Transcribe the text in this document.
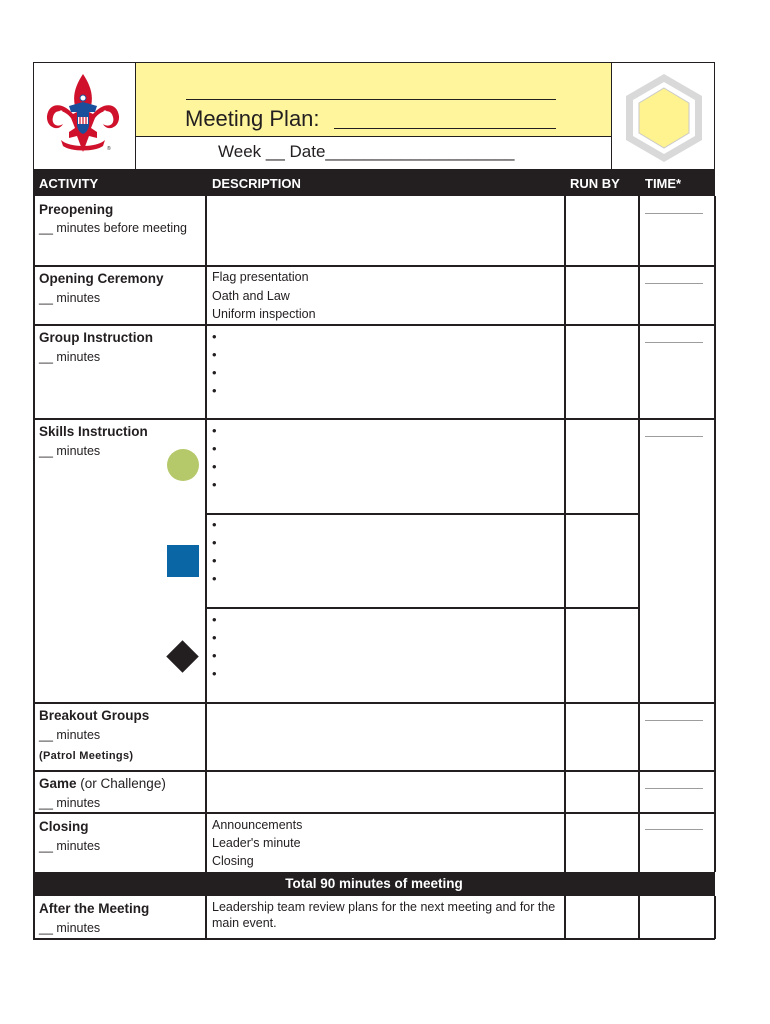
®
Meeting Plan:
Week __ Date____________________
ACTIVITY	DESCRIPTION	RUN BY TIME*
Preopening
__ minutes before meeting
Opening Ceremony
__ minutes
Flag presentation
Oath and Law
Uniform inspection
Group Instruction
__ minutes
•
•
•
•
Skills Instruction
__ minutes
•
•
•
•
•
•
•
•
•
•
•
•
Breakout Groups
__ minutes
(Patrol Meetings)
Game (or Challenge)
__ minutes
Closing
__ minutes
Announcements
Leader's minute
Closing
Total 90 minutes of meeting
After the Meeting
__ minutes
Leadership team review plans for the next meeting and for the main event.
